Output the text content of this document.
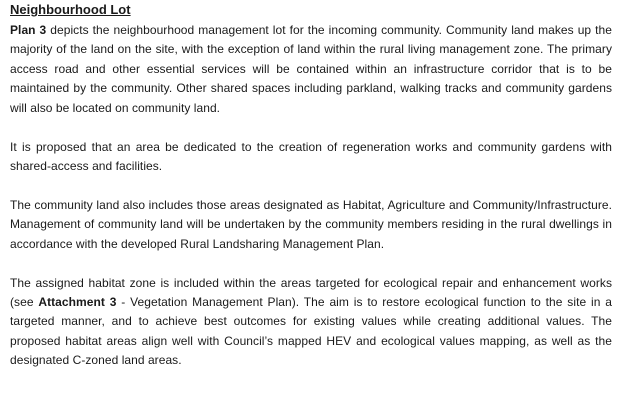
Neighbourhood Lot

Plan 3 depicts the neighbourhood management lot for the incoming community. Community land makes up the majority of the land on the site, with the exception of land within the rural living management zone. The primary access road and other essential services will be contained within an infrastructure corridor that is to be maintained by the community. Other shared spaces including parkland, walking tracks and community gardens will also be located on community land.

It is proposed that an area be dedicated to the creation of regeneration works and community gardens with shared-access and facilities.

The community land also includes those areas designated as Habitat, Agriculture and Community/Infrastructure. Management of community land will be undertaken by the community members residing in the rural dwellings in accordance with the developed Rural Landsharing Management Plan.

The assigned habitat zone is included within the areas targeted for ecological repair and enhancement works (see Attachment 3 - Vegetation Management Plan). The aim is to restore ecological function to the site in a targeted manner, and to achieve best outcomes for existing values while creating additional values. The proposed habitat areas align well with Council’s mapped HEV and ecological values mapping, as well as the designated C-zoned land areas.
